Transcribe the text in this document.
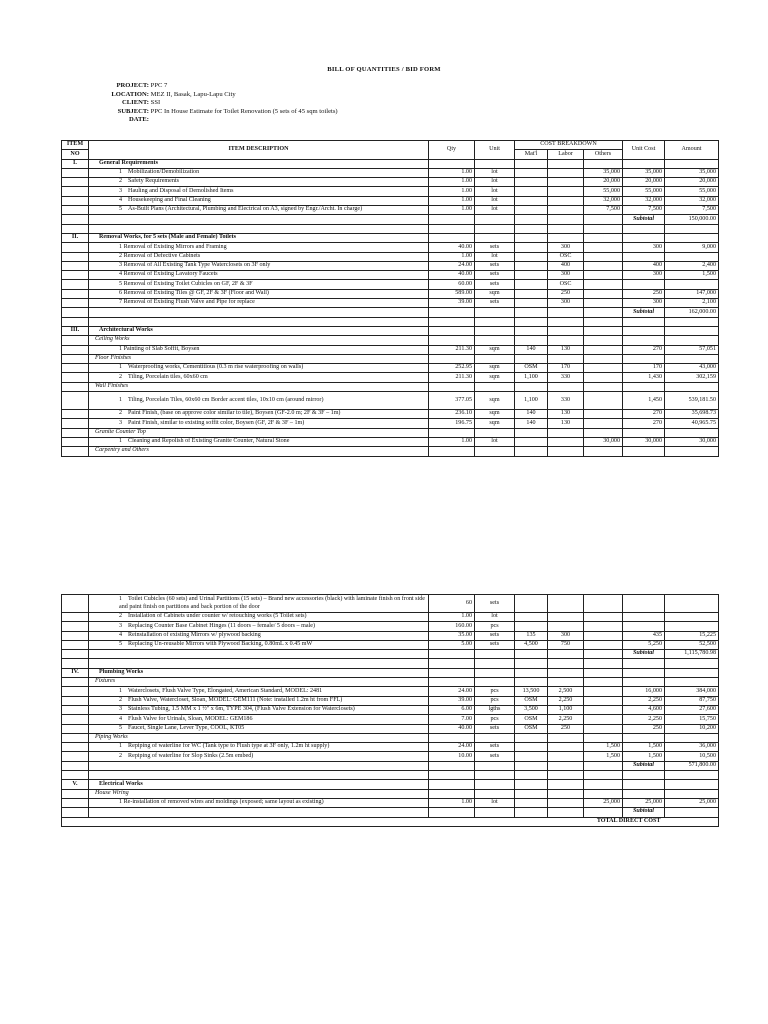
BILL OF QUANTITIES / BID FORM
PROJECT: PPC 7
LOCATION: MEZ II, Basak, Lapu-Lapu City
CLIENT: SSI
SUBJECT: PPC In House Estimate for Toilet Renovation (5 sets of 45 sqm toilets)
DATE:
ITEM	ITEM DESCRIPTION	Qty	Unit	COST BREAKDOWN			Unit Cost	Amount
NO				Mat'l	Labor	Others		
I.	General Requirements							
	1 Mobilization/Demobilization	1.00	lot			35,000	35,000	35,000
	2 Safety Requirements	1.00	lot			20,000	20,000	20,000
	3 Hauling and Disposal of Demolished Items	1.00	lot			55,000	55,000	55,000
	4 Housekeeping and Final Cleaning	1.00	lot			32,000	32,000	32,000
	5 As-Built Plans (Architectural, Plumbing and Electrical on A3, signed by Engr./Archt. In charge)	1.00	lot			7,500	7,500	7,500
							Subtotal	150,000.00

II.	Removal Works, for 5 sets (Male and Female) Toilets							
	1 Removal of Existing Mirrors and Framing	40.00	sets		300		300	9,000
	2 Removal of Defective Cabinets	1.00	lot		OSC			
	3 Removal of All Existing Tank Type Waterclosets on 3F only	24.00	sets		400		400	2,400
	4 Removal of Existing Lavatory Faucets	40.00	sets		300		300	1,500
	5 Removal of Existing Toilet Cubicles on GF, 2F & 3F	60.00	sets		OSC			
	6 Removal of Existing Tiles @ GF, 2F & 3F (Floor and Wall)	589.00	sqm		250		250	147,000
	7 Removal of Existing Flush Valve and Pipe for replace	39.00	sets		300		300	2,100
							Subtotal	162,000.00

III.	Architectural Works							
	Ceiling Works							
	1 Painting of Slab Soffit, Boysen	211.30	sqm	140	130		270	57,051
	Floor Finishes							
	1 Waterproofing works, Cementitious (0.3 m rise waterproofing on walls)	252.95	sqm	OSM	170		170	43,000
	2 Tiling, Porcelain tiles, 60x60 cm	211.30	sqm	1,100	330		1,430	302,159
	Wall Finishes							
	1 Tiling, Porcelain Tiles, 60x60 cm Border accent tiles, 10x10 cm (around mirror)	377.05	sqm	1,100	330		1,450	539,181.50
	2 Paint Finish, (base on approve color similar to tile), Boysen (GF-2.0 m; 2F & 3F – 1m)	236.10	sqm	140	130		270	35,698.73
	3 Paint Finish, similar to existing soffit color, Boysen (GF, 2F & 3F – 1m)	196.75	sqm	140	130		270	40,965.75
	Granite Counter Top							
	1 Cleaning and Repolish of Existing Granite Counter, Natural Stone	1.00	lot			30,000	30,000	30,000
	Carpentry and Others							
	1 Toilet Cubicles (60 sets) and Urinal Partitions (15 sets) – Brand new accessories (black) with laminate finish on front side and paint finish on partitions and back portion of the door	60	sets					
	2 Installation of Cabinets under counter w/ retouching works (5 Toilet sets)	1.00	lot					
	3 Replacing Counter Base Cabinet Hinges (11 doors – female/ 5 doors – male)	160.00	pcs					
	4 Reinstallation of existing Mirrors w/ plywood backing	35.00	sets	135	300		435	15,225
	5 Replacing Un-reusable Mirrors with Plywood Backing, 0.80mL x 0.45 mW	5.00	sets	4,500	750		5,250	52,500
							Subtotal	1,115,780.98

IV.	Plumbing Works							
	Fixtures							
	1 Waterclosets, Flush Valve Type, Elongated, American Standard, MODEL: 2481	24.00	pcs	13,500	2,500		16,000	384,000
	2 Flush Valve, Watercloset, Sloan, MODEL: GEM111 (Note: installed 1.2m ht from FFL)	39.00	pcs	OSM	2,250		2,250	87,750
	3 Stainless Tubing, 1.5 MM x 1 ½" x 6m, TYPE 304, (Flush Valve Extension for Waterclosets)	6.00	lgths	3,500	1,100		4,600	27,600
	4 Flush Valve for Urinals, Sloan, MODEL: GEM186	7.00	pcs	OSM	2,250		2,250	15,750
	5 Faucet, Single Lane, Lever Type, COOL, KT05	40.00	sets	OSM	250		250	10,200
	Piping Works							
	1 Repiping of waterline for WC (Tank type to Flush type at 3F only, 1.2m ht supply)	24.00	sets			1,500	1,500	36,000
	2 Repiping of waterline for Slop Sinks (2.5m embed)	10.00	sets			1,500	1,500	10,500
							Subtotal	571,800.00

V.	Electrical Works							
	House Wiring							
	1 Re-installation of removed wires and moldings (exposed; same layout as existing)	1.00	lot			25,000	25,000	25,000
							Subtotal	
		TOTAL DIRECT COST						
